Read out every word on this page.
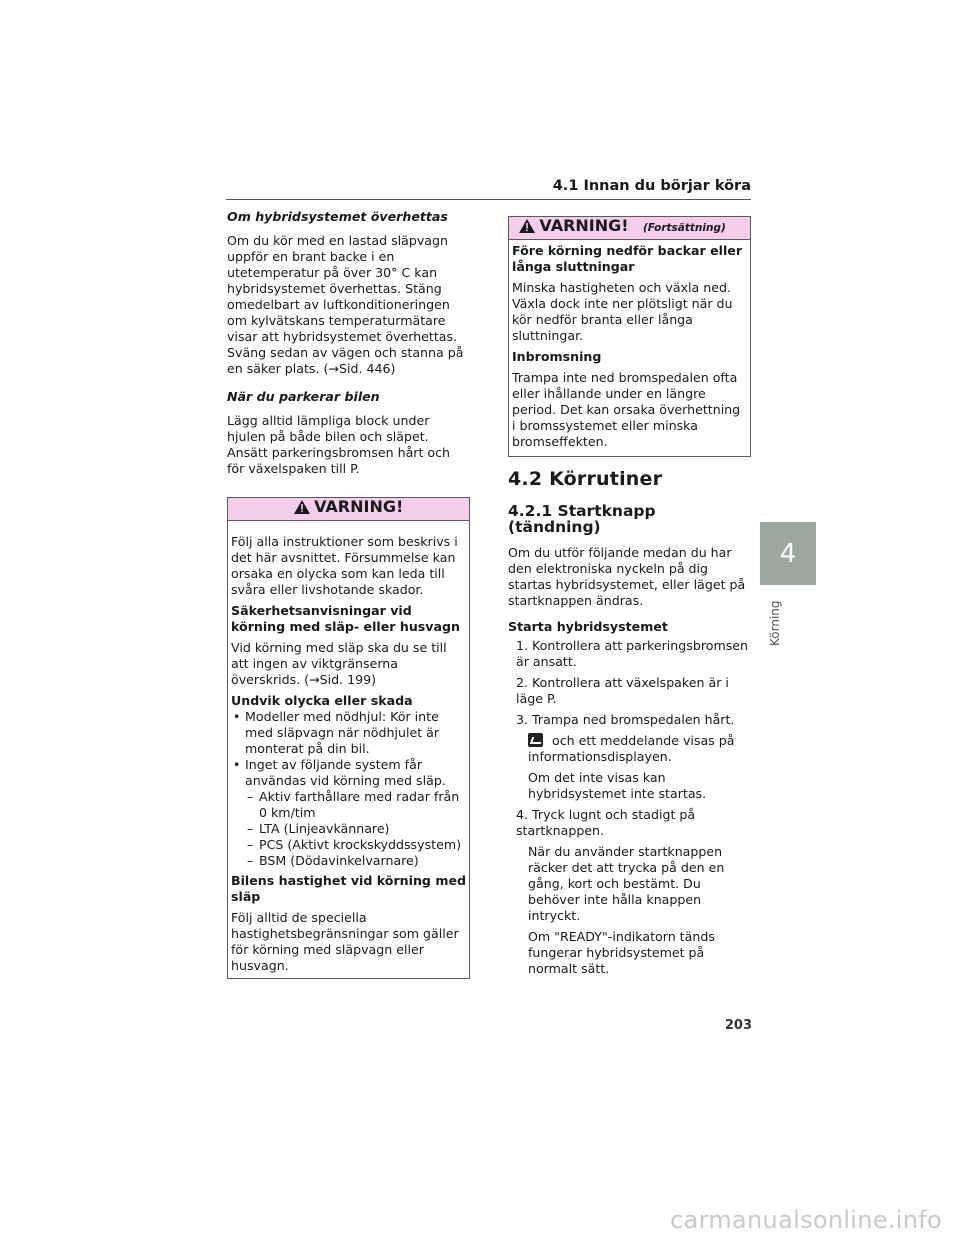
4.1 Innan du börjar köra

Om hybridsystemet överhettas

Om du kör med en lastad släpvagn uppför en brant backe i en utetemperatur på över 30° C kan hybridsystemet överhettas. Stäng omedelbart av luftkonditioneringen om kylvätskans temperaturmätare visar att hybridsystemet överhettas. Sväng sedan av vägen och stanna på en säker plats. (→Sid. 446)

När du parkerar bilen

Lägg alltid lämpliga block under hjulen på både bilen och släpet. Ansätt parkeringsbromsen hårt och för växelspaken till P.

VARNING!

Följ alla instruktioner som beskrivs i det här avsnittet. Försummelse kan orsaka en olycka som kan leda till svåra eller livshotande skador.

Säkerhetsanvisningar vid körning med släp- eller husvagn

Vid körning med släp ska du se till att ingen av viktgränserna överskrids. (→Sid. 199)

Undvik olycka eller skada

• Modeller med nödhjul: Kör inte med släpvagn när nödhjulet är monterat på din bil.
• Inget av följande system får användas vid körning med släp.
– Aktiv farthållare med radar från 0 km/tim
– LTA (Linjeavkännare)
– PCS (Aktivt krockskyddssystem)
– BSM (Dödavinkelvarnare)

Bilens hastighet vid körning med släp

Följ alltid de speciella hastighetsbegränsningar som gäller för körning med släpvagn eller husvagn.

VARNING! (Fortsättning)

Före körning nedför backar eller långa sluttningar

Minska hastigheten och växla ned. Växla dock inte ner plötsligt när du kör nedför branta eller långa sluttningar.

Inbromsning

Trampa inte ned bromspedalen ofta eller ihållande under en längre period. Det kan orsaka överhettning i bromssystemet eller minska bromseffekten.

4.2 Körrutiner
4.2.1 Startknapp (tändning)

Om du utför följande medan du har den elektroniska nyckeln på dig startas hybridsystemet, eller läget på startknappen ändras.

Starta hybridsystemet

1. Kontrollera att parkeringsbromsen är ansatt.
2. Kontrollera att växelspaken är i läge P.
3. Trampa ned bromspedalen hårt.
och ett meddelande visas på informationsdisplayen.
Om det inte visas kan hybridsystemet inte startas.
4. Tryck lugnt och stadigt på startknappen.
När du använder startknappen räcker det att trycka på den en gång, kort och bestämt. Du behöver inte hålla knappen intryckt.
Om "READY"-indikatorn tänds fungerar hybridsystemet på normalt sätt.
4
Körning
203
carmanualsonline.info
